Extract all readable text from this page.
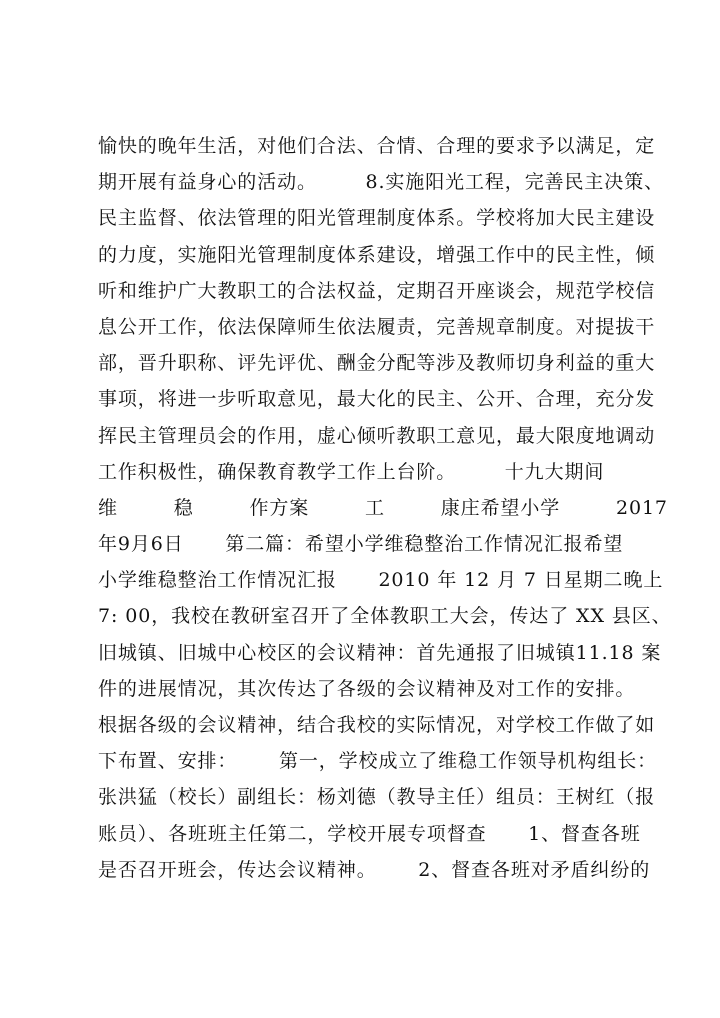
愉快的晚年生活，对他们合法、合情、合理的要求予以满足，定
期开展有益身心的活动。       8.实施阳光工程，完善民主决策、
民主监督、依法管理的阳光管理制度体系。学校将加大民主建设
的力度，实施阳光管理制度体系建设，增强工作中的民主性，倾
听和维护广大教职工的合法权益，定期召开座谈会，规范学校信
息公开工作，依法保障师生依法履责，完善规章制度。对提拔干
部，晋升职称、评先评优、酬金分配等涉及教师切身利益的重大
事项，将进一步听取意见，最大化的民主、公开、合理，充分发
挥民主管理员会的作用，虚心倾听教职工意见，最大限度地调动
工作积极性，确保教育教学工作上台阶。       十九大期间
维	稳	作方案	工	康庄希望小学	2017
年9月6日      第二篇：希望小学维稳整治工作情况汇报希望
小学维稳整治工作情况汇报      2010 年 12 月 7 日星期二晚上
7: 00，我校在教研室召开了全体教职工大会，传达了 XX 县区、
旧城镇、旧城中心校区的会议精神：首先通报了旧城镇11.18 案
件的进展情况，其次传达了各级的会议精神及对工作的安排。
根据各级的会议精神，结合我校的实际情况，对学校工作做了如
下布置、安排：      第一，学校成立了维稳工作领导机构组长：
张洪猛（校长）副组长：杨刘德（教导主任）组员：王树红（报
账员）、各班班主任第二，学校开展专项督查      1、督查各班
是否召开班会，传达会议精神。      2、督查各班对矛盾纠纷的
